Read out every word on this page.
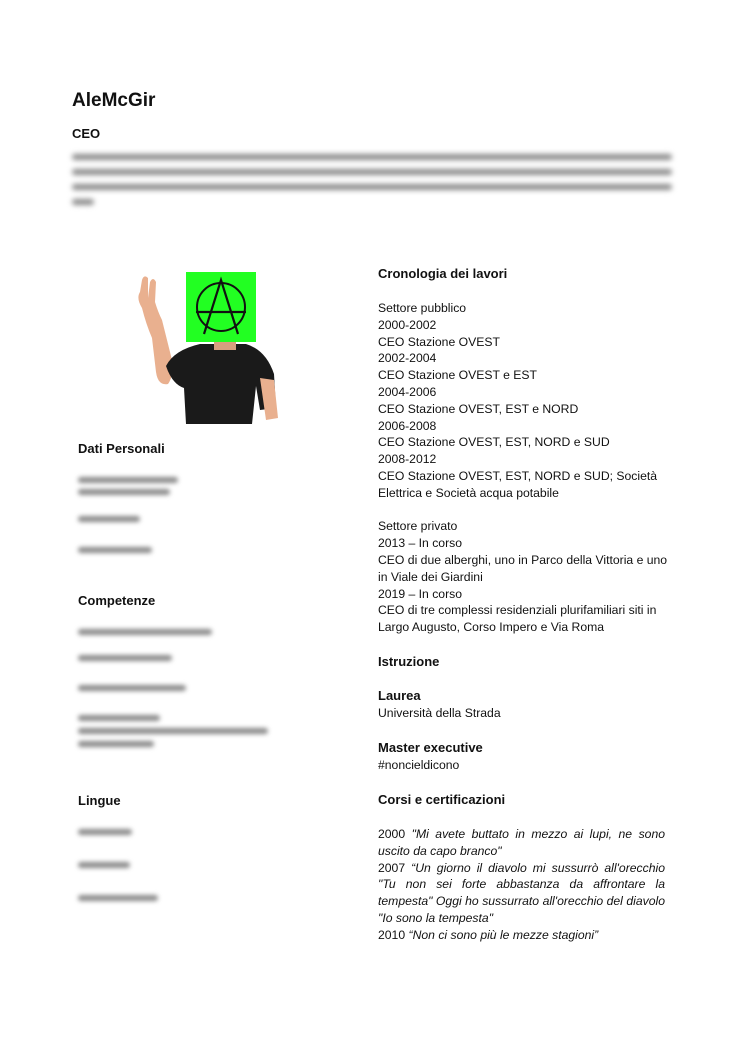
AleMcGir
CEO
Dati Personali
Competenze
Lingue
Cronologia dei lavori
Settore pubblico
2000-2002
CEO Stazione OVEST
2002-2004
CEO Stazione OVEST e EST
2004-2006
CEO Stazione OVEST, EST e NORD
2006-2008
CEO Stazione OVEST, EST, NORD e SUD
2008-2012
CEO Stazione OVEST, EST, NORD e SUD; Società Elettrica e Società acqua potabile
Settore privato
2013 – In corso
CEO di due alberghi, uno in Parco della Vittoria e uno in Viale dei Giardini
2019 – In corso
CEO di tre complessi residenziali plurifamiliari siti in Largo Augusto, Corso Impero e Via Roma
Istruzione
Laurea
Università della Strada
Master executive
#noncieldicono
Corsi e certificazioni
2000 "Mi avete buttato in mezzo ai lupi, ne sono uscito da capo branco"
2007 “Un giorno il diavolo mi sussurrò all'orecchio "Tu non sei forte abbastanza da affrontare la tempesta" Oggi ho sussurrato all'orecchio del diavolo "Io sono la tempesta"
2010 “Non ci sono più le mezze stagioni”
